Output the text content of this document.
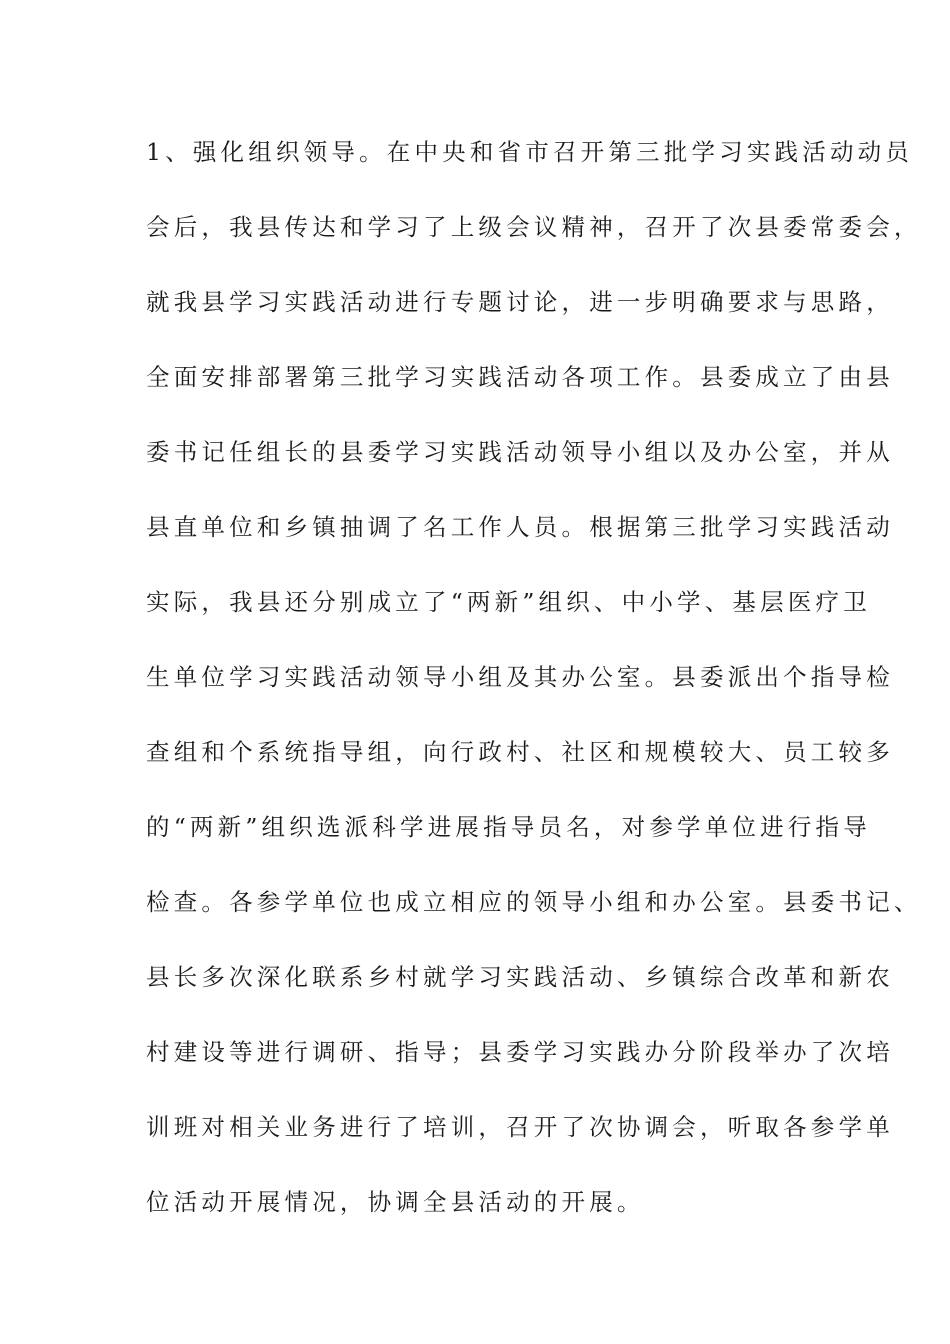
1、强化组织领导。在中央和省市召开第三批学习实践活动动员
会后，我县传达和学习了上级会议精神，召开了次县委常委会，
就我县学习实践活动进行专题讨论，进一步明确要求与思路，
全面安排部署第三批学习实践活动各项工作。县委成立了由县
委书记任组长的县委学习实践活动领导小组以及办公室，并从
县直单位和乡镇抽调了名工作人员。根据第三批学习实践活动
实际，我县还分别成立了“两新”组织、中小学、基层医疗卫
生单位学习实践活动领导小组及其办公室。县委派出个指导检
查组和个系统指导组，向行政村、社区和规模较大、员工较多
的“两新”组织选派科学进展指导员名，对参学单位进行指导
检查。各参学单位也成立相应的领导小组和办公室。县委书记、
县长多次深化联系乡村就学习实践活动、乡镇综合改革和新农
村建设等进行调研、指导；县委学习实践办分阶段举办了次培
训班对相关业务进行了培训，召开了次协调会，听取各参学单
位活动开展情况，协调全县活动的开展。
